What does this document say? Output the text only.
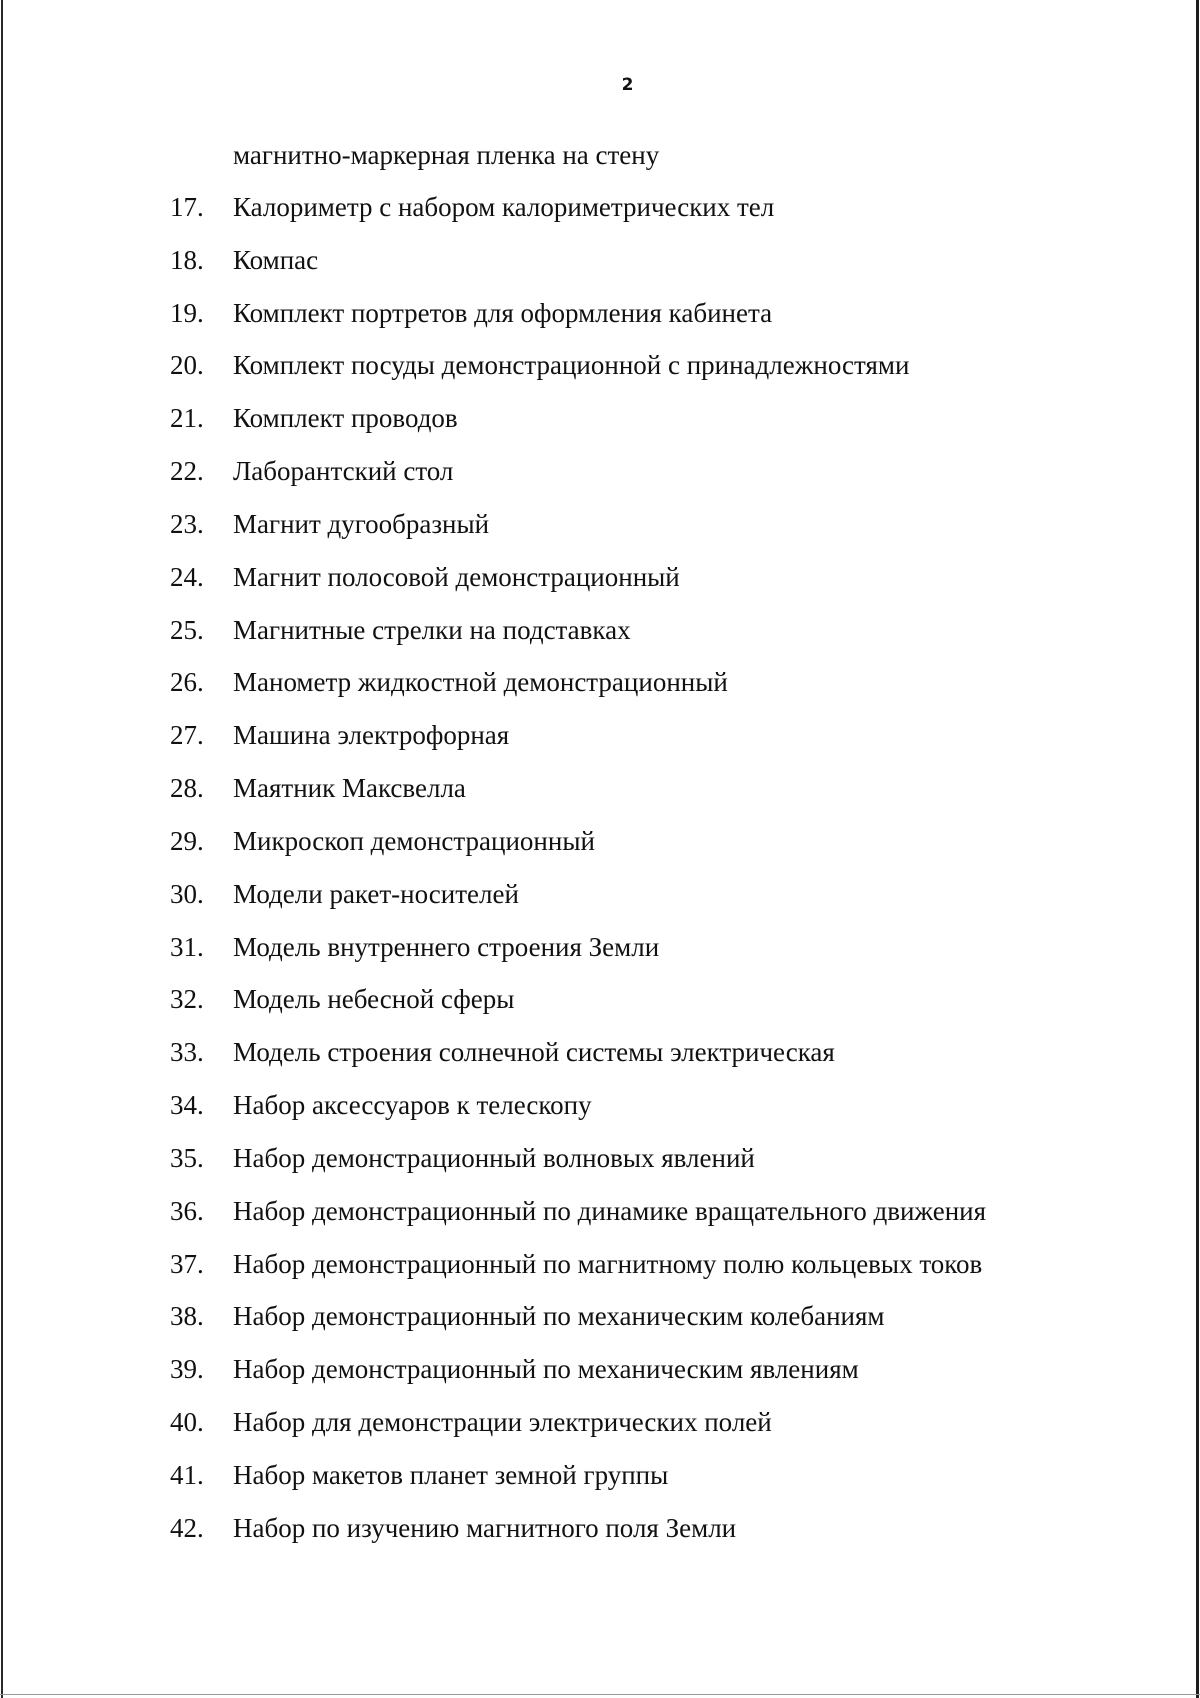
2
магнитно-маркерная пленка на стену
17.	Калориметр с набором калориметрических тел
18.	Компас
19.	Комплект портретов для оформления кабинета
20.	Комплект посуды демонстрационной с принадлежностями
21.	Комплект проводов
22.	Лаборантский стол
23.	Магнит дугообразный
24.	Магнит полосовой демонстрационный
25.	Магнитные стрелки на подставках
26.	Манометр жидкостной демонстрационный
27.	Машина электрофорная
28.	Маятник Максвелла
29.	Микроскоп демонстрационный
30.	Модели ракет-носителей
31.	Модель внутреннего строения Земли
32.	Модель небесной сферы
33.	Модель строения солнечной системы электрическая
34.	Набор аксессуаров к телескопу
35.	Набор демонстрационный волновых явлений
36.	Набор демонстрационный по динамике вращательного движения
37.	Набор демонстрационный по магнитному полю кольцевых токов
38.	Набор демонстрационный по механическим колебаниям
39.	Набор демонстрационный по механическим явлениям
40.	Набор для демонстрации электрических полей
41.	Набор макетов планет земной группы
42.	Набор по изучению магнитного поля Земли
